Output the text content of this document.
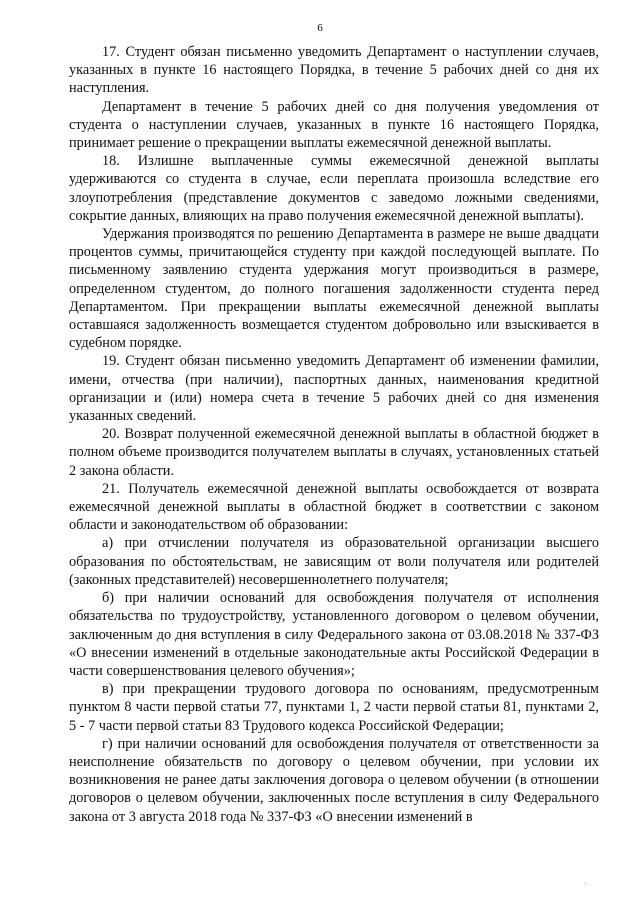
6

17. Студент обязан письменно уведомить Департамент о наступлении случаев, указанных в пункте 16 настоящего Порядка, в течение 5 рабочих дней со дня их наступления.

Департамент в течение 5 рабочих дней со дня получения уведомления от студента о наступлении случаев, указанных в пункте 16 настоящего Порядка, принимает решение о прекращении выплаты ежемесячной денежной выплаты.

18. Излишне выплаченные суммы ежемесячной денежной выплаты удерживаются со студента в случае, если переплата произошла вследствие его злоупотребления (представление документов с заведомо ложными сведениями, сокрытие данных, влияющих на право получения ежемесячной денежной выплаты).

Удержания производятся по решению Департамента в размере не выше двадцати процентов суммы, причитающейся студенту при каждой последующей выплате. По письменному заявлению студента удержания могут производиться в размере, определенном студентом, до полного погашения задолженности студента перед Департаментом. При прекращении выплаты ежемесячной денежной выплаты оставшаяся задолженность возмещается студентом добровольно или взыскивается в судебном порядке.

19. Студент обязан письменно уведомить Департамент об изменении фамилии, имени, отчества (при наличии), паспортных данных, наименования кредитной организации и (или) номера счета в течение 5 рабочих дней со дня изменения указанных сведений.

20. Возврат полученной ежемесячной денежной выплаты в областной бюджет в полном объеме производится получателем выплаты в случаях, установленных статьей 2 закона области.

21. Получатель ежемесячной денежной выплаты освобождается от возврата ежемесячной денежной выплаты в областной бюджет в соответствии с законом области и законодательством об образовании:

а) при отчислении получателя из образовательной организации высшего образования по обстоятельствам, не зависящим от воли получателя или родителей (законных представителей) несовершеннолетнего получателя;

б) при наличии оснований для освобождения получателя от исполнения обязательства по трудоустройству, установленного договором о целевом обучении, заключенным до дня вступления в силу Федерального закона от 03.08.2018 № 337-ФЗ «О внесении изменений в отдельные законодательные акты Российской Федерации в части совершенствования целевого обучения»;

в) при прекращении трудового договора по основаниям, предусмотренным пунктом 8 части первой статьи 77, пунктами 1, 2 части первой статьи 81, пунктами 2, 5 - 7 части первой статьи 83 Трудового кодекса Российской Федерации;

г) при наличии оснований для освобождения получателя от ответственности за неисполнение обязательств по договору о целевом обучении, при условии их возникновения не ранее даты заключения договора о целевом обучении (в отношении договоров о целевом обучении, заключенных после вступления в силу Федерального закона от 3 августа 2018 года № 337-ФЗ «О внесении изменений в

.
